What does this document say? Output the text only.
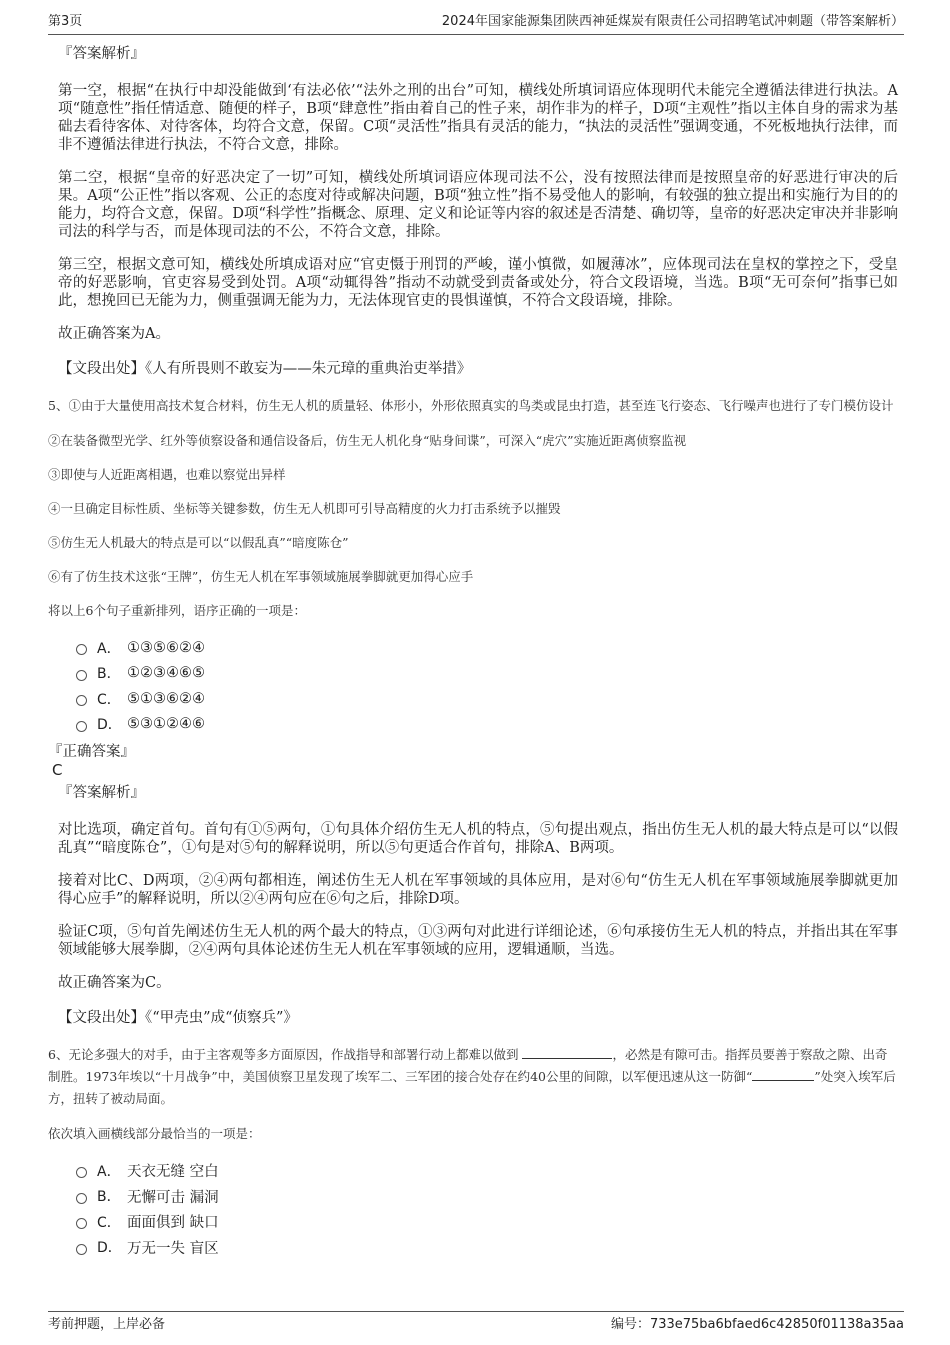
第3页	2024年国家能源集团陕西神延煤炭有限责任公司招聘笔试冲刺题（带答案解析）
『答案解析』

第一空，根据“在执行中却没能做到‘有法必依’“法外之刑的出台”可知，横线处所填词语应体现明代未能完全遵循法律进行执法。A项“随意性”指任情适意、随便的样子，B项“肆意性”指由着自己的性子来，胡作非为的样子，D项“主观性”指以主体自身的需求为基础去看待客体、对待客体，均符合文意，保留。C项“灵活性”指具有灵活的能力，“执法的灵活性”强调变通，不死板地执行法律，而非不遵循法律进行执法，不符合文意，排除。

第二空，根据“皇帝的好恶决定了一切”可知，横线处所填词语应体现司法不公，没有按照法律而是按照皇帝的好恶进行审决的后果。A项“公正性”指以客观、公正的态度对待或解决问题，B项“独立性”指不易受他人的影响，有较强的独立提出和实施行为目的的能力，均符合文意，保留。D项“科学性”指概念、原理、定义和论证等内容的叙述是否清楚、确切等，皇帝的好恶决定审决并非影响司法的科学与否，而是体现司法的不公，不符合文意，排除。

第三空，根据文意可知，横线处所填成语对应“官吏慑于刑罚的严峻，谨小慎微，如履薄冰”，应体现司法在皇权的掌控之下，受皇帝的好恶影响，官吏容易受到处罚。A项“动辄得咎”指动不动就受到责备或处分，符合文段语境，当选。B项“无可奈何”指事已如此，想挽回已无能为力，侧重强调无能为力，无法体现官吏的畏惧谨慎，不符合文段语境，排除。

故正确答案为A。

【文段出处】《人有所畏则不敢妄为——朱元璋的重典治吏举措》

5、①由于大量使用高技术复合材料，仿生无人机的质量轻、体形小，外形依照真实的鸟类或昆虫打造，甚至连飞行姿态、飞行噪声也进行了专门模仿设计

②在装备微型光学、红外等侦察设备和通信设备后，仿生无人机化身“贴身间谍”，可深入“虎穴”实施近距离侦察监视

③即使与人近距离相遇，也难以察觉出异样

④一旦确定目标性质、坐标等关键参数，仿生无人机即可引导高精度的火力打击系统予以摧毁

⑤仿生无人机最大的特点是可以“以假乱真”“暗度陈仓”

⑥有了仿生技术这张“王牌”，仿生无人机在军事领域施展拳脚就更加得心应手

将以上6个句子重新排列，语序正确的一项是：

A． ①③⑤⑥②④
B． ①②③④⑥⑤
C． ⑤①③⑥②④
D． ⑤③①②④⑥
『正确答案』
C
『答案解析』

对比选项，确定首句。首句有①⑤两句，①句具体介绍仿生无人机的特点，⑤句提出观点，指出仿生无人机的最大特点是可以“以假乱真”“暗度陈仓”，①句是对⑤句的解释说明，所以⑤句更适合作首句，排除A、B两项。

接着对比C、D两项，②④两句都相连，阐述仿生无人机在军事领域的具体应用，是对⑥句“仿生无人机在军事领域施展拳脚就更加得心应手”的解释说明，所以②④两句应在⑥句之后，排除D项。

验证C项，⑤句首先阐述仿生无人机的两个最大的特点，①③两句对此进行详细论述，⑥句承接仿生无人机的特点，并指出其在军事领域能够大展拳脚，②④两句具体论述仿生无人机在军事领域的应用，逻辑通顺，当选。

故正确答案为C。

【文段出处】《“甲壳虫”成“侦察兵”》

6、无论多强大的对手，由于主客观等多方面原因，作战指导和部署行动上都难以做到	，必然是有隙可击。指挥员要善于察敌之隙、出奇制胜。1973年埃以“十月战争”中，美国侦察卫星发现了埃军二、三军团的接合处存在约40公里的间隙，以军便迅速从这一防御“	”处突入埃军后方，扭转了被动局面。

依次填入画横线部分最恰当的一项是：

A． 天衣无缝 空白
B． 无懈可击 漏洞
C． 面面俱到 缺口
D． 万无一失 盲区
考前押题，上岸必备	编号：733e75ba6bfaed6c42850f01138a35aa
